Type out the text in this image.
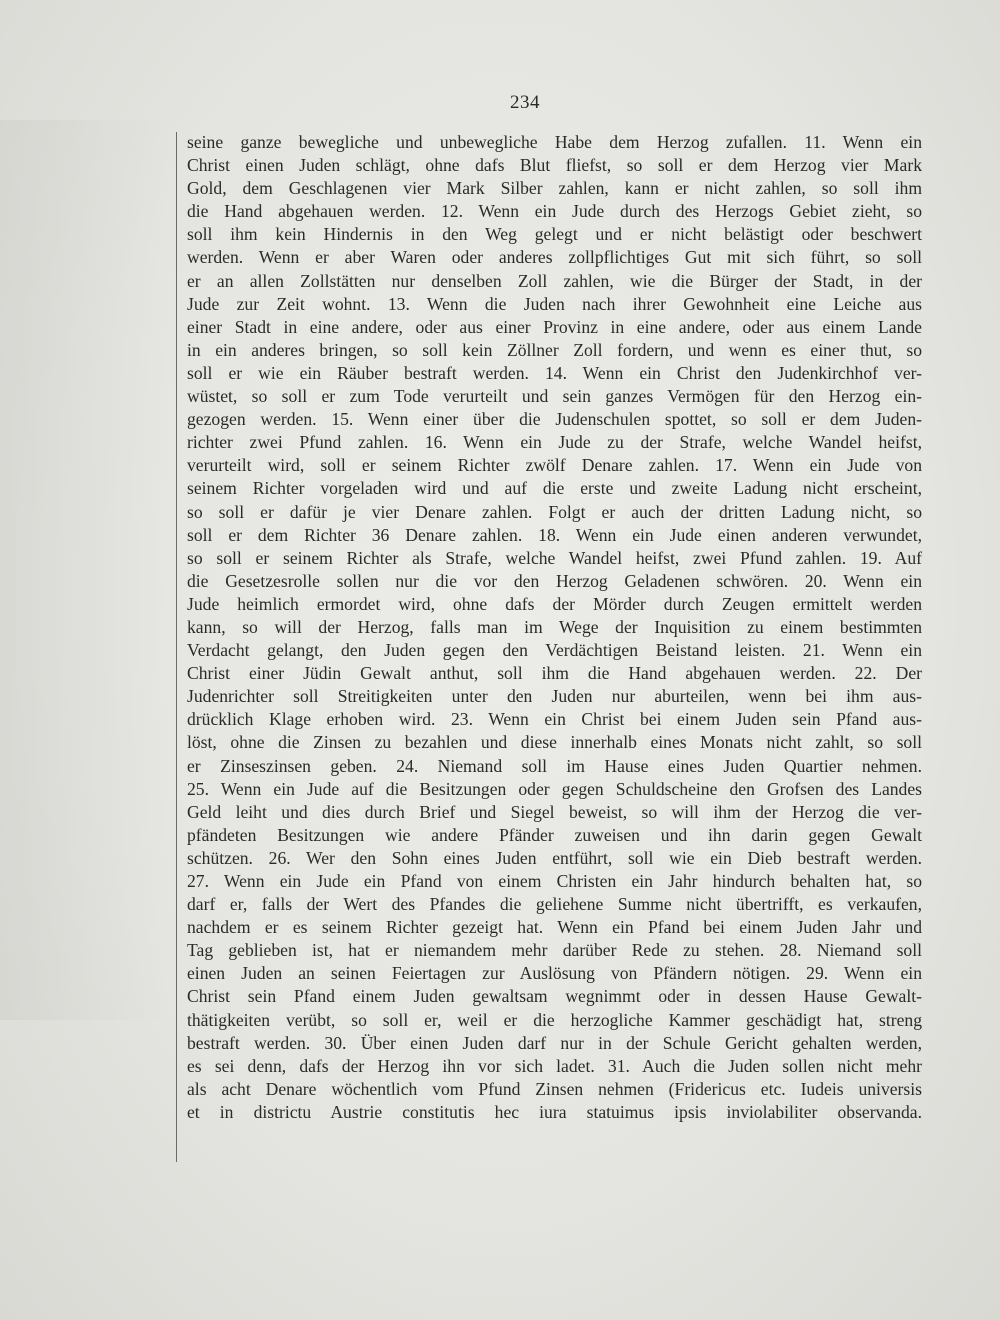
234
seine ganze bewegliche und unbewegliche Habe dem Herzog zufallen. 11. Wenn ein
Christ einen Juden schlägt, ohne dafs Blut fliefst, so soll er dem Herzog vier Mark
Gold, dem Geschlagenen vier Mark Silber zahlen, kann er nicht zahlen, so soll ihm
die Hand abgehauen werden. 12. Wenn ein Jude durch des Herzogs Gebiet zieht, so
soll ihm kein Hindernis in den Weg gelegt und er nicht belästigt oder beschwert
werden. Wenn er aber Waren oder anderes zollpflichtiges Gut mit sich führt, so soll
er an allen Zollstätten nur denselben Zoll zahlen, wie die Bürger der Stadt, in der
Jude zur Zeit wohnt. 13. Wenn die Juden nach ihrer Gewohnheit eine Leiche aus
einer Stadt in eine andere, oder aus einer Provinz in eine andere, oder aus einem Lande
in ein anderes bringen, so soll kein Zöllner Zoll fordern, und wenn es einer thut, so
soll er wie ein Räuber bestraft werden. 14. Wenn ein Christ den Judenkirchhof ver-
wüstet, so soll er zum Tode verurteilt und sein ganzes Vermögen für den Herzog ein-
gezogen werden. 15. Wenn einer über die Judenschulen spottet, so soll er dem Juden-
richter zwei Pfund zahlen. 16. Wenn ein Jude zu der Strafe, welche Wandel heifst,
verurteilt wird, soll er seinem Richter zwölf Denare zahlen. 17. Wenn ein Jude von
seinem Richter vorgeladen wird und auf die erste und zweite Ladung nicht erscheint,
so soll er dafür je vier Denare zahlen. Folgt er auch der dritten Ladung nicht, so
soll er dem Richter 36 Denare zahlen. 18. Wenn ein Jude einen anderen verwundet,
so soll er seinem Richter als Strafe, welche Wandel heifst, zwei Pfund zahlen. 19. Auf
die Gesetzesrolle sollen nur die vor den Herzog Geladenen schwören. 20. Wenn ein
Jude heimlich ermordet wird, ohne dafs der Mörder durch Zeugen ermittelt werden
kann, so will der Herzog, falls man im Wege der Inquisition zu einem bestimmten
Verdacht gelangt, den Juden gegen den Verdächtigen Beistand leisten. 21. Wenn ein
Christ einer Jüdin Gewalt anthut, soll ihm die Hand abgehauen werden. 22. Der
Judenrichter soll Streitigkeiten unter den Juden nur aburteilen, wenn bei ihm aus-
drücklich Klage erhoben wird. 23. Wenn ein Christ bei einem Juden sein Pfand aus-
löst, ohne die Zinsen zu bezahlen und diese innerhalb eines Monats nicht zahlt, so soll
er Zinseszinsen geben. 24. Niemand soll im Hause eines Juden Quartier nehmen.
25. Wenn ein Jude auf die Besitzungen oder gegen Schuldscheine den Grofsen des Landes
Geld leiht und dies durch Brief und Siegel beweist, so will ihm der Herzog die ver-
pfändeten Besitzungen wie andere Pfänder zuweisen und ihn darin gegen Gewalt
schützen. 26. Wer den Sohn eines Juden entführt, soll wie ein Dieb bestraft werden.
27. Wenn ein Jude ein Pfand von einem Christen ein Jahr hindurch behalten hat, so
darf er, falls der Wert des Pfandes die geliehene Summe nicht übertrifft, es verkaufen,
nachdem er es seinem Richter gezeigt hat. Wenn ein Pfand bei einem Juden Jahr und
Tag geblieben ist, hat er niemandem mehr darüber Rede zu stehen. 28. Niemand soll
einen Juden an seinen Feiertagen zur Auslösung von Pfändern nötigen. 29. Wenn ein
Christ sein Pfand einem Juden gewaltsam wegnimmt oder in dessen Hause Gewalt-
thätigkeiten verübt, so soll er, weil er die herzogliche Kammer geschädigt hat, streng
bestraft werden. 30. Über einen Juden darf nur in der Schule Gericht gehalten werden,
es sei denn, dafs der Herzog ihn vor sich ladet. 31. Auch die Juden sollen nicht mehr
als acht Denare wöchentlich vom Pfund Zinsen nehmen (Fridericus etc. Iudeis universis
et in districtu Austrie constitutis hec iura statuimus ipsis inviolabiliter observanda.
